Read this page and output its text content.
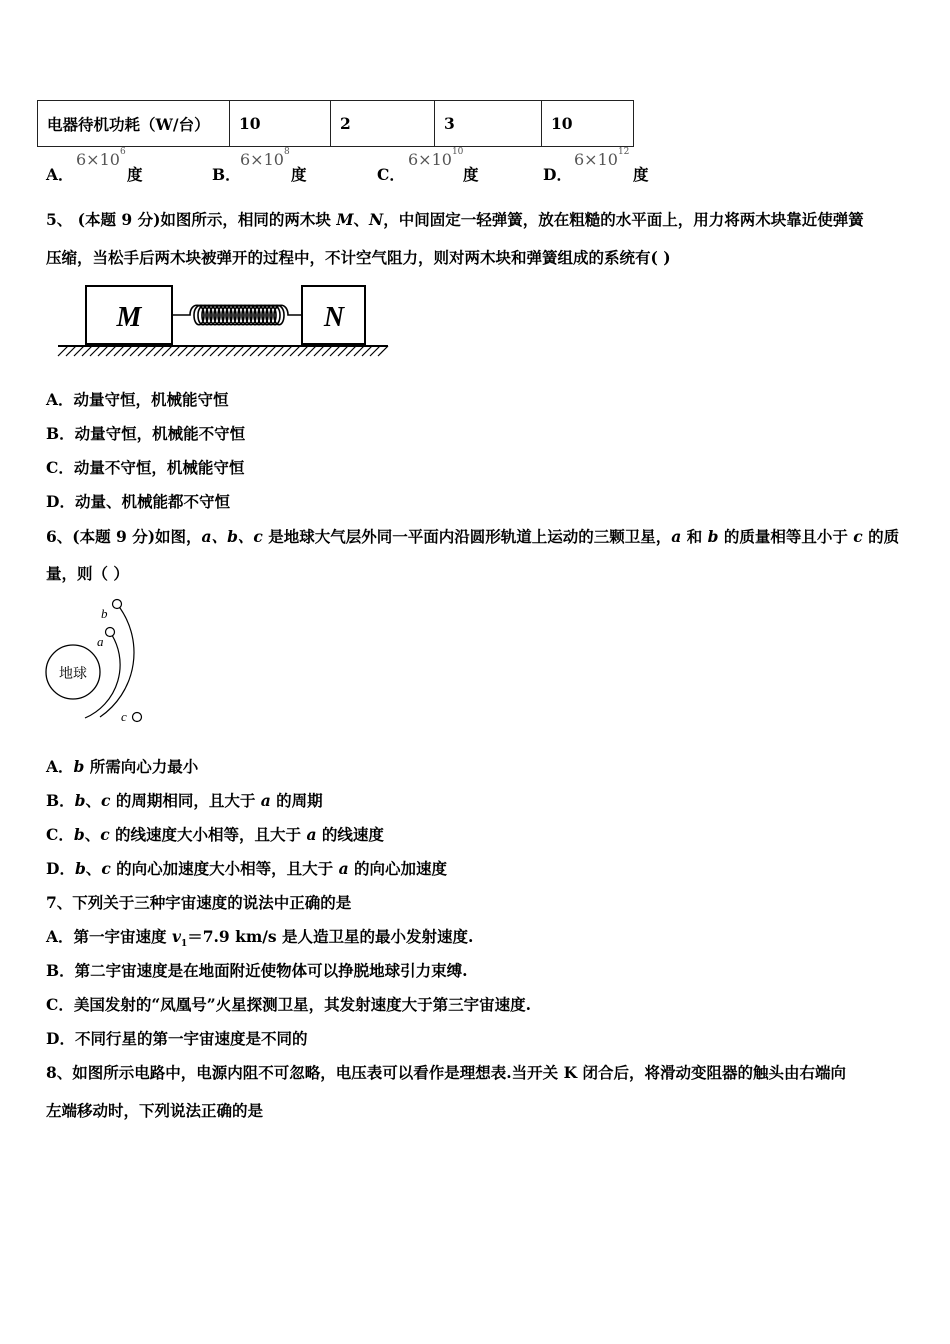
电器待机功耗（W/台）	10	2	3	10
A．
$6\times 10^6$
度	B．
$6\times 10^8$
度	C．
$6\times 10^{10}$
度	D．
$6\times 10^{12}$
度
5、 (本题 9 分)如图所示，相同的两木块 M、N，中间固定一轻弹簧，放在粗糙的水平面上，用力将两木块靠近使弹簧
压缩，当松手后两木块被弹开的过程中，不计空气阻力，则对两木块和弹簧组成的系统有( )
M	N
A．动量守恒，机械能守恒
B．动量守恒，机械能不守恒
C．动量不守恒，机械能守恒
D．动量、机械能都不守恒
6、(本题 9 分)如图，a、b、c 是地球大气层外同一平面内沿圆形轨道上运动的三颗卫星，a 和 b 的质量相等且小于 c 的质
量，则（ ）
地球
a
b
c
A．b 所需向心力最小
B．b、c 的周期相同，且大于 a 的周期
C．b、c 的线速度大小相等，且大于 a 的线速度
D．b、c 的向心加速度大小相等，且大于 a 的向心加速度
7、下列关于三种宇宙速度的说法中正确的是
A．第一宇宙速度 $v_1=7.9$ km/s 是人造卫星的最小发射速度.
B．第二宇宙速度是在地面附近使物体可以挣脱地球引力束缚.
C．美国发射的“凤凰号”火星探测卫星，其发射速度大于第三宇宙速度.
D．不同行星的第一宇宙速度是不同的
8、如图所示电路中，电源内阻不可忽略，电压表可以看作是理想表.当开关 K 闭合后，将滑动变阻器的触头由右端向
左端移动时，下列说法正确的是
